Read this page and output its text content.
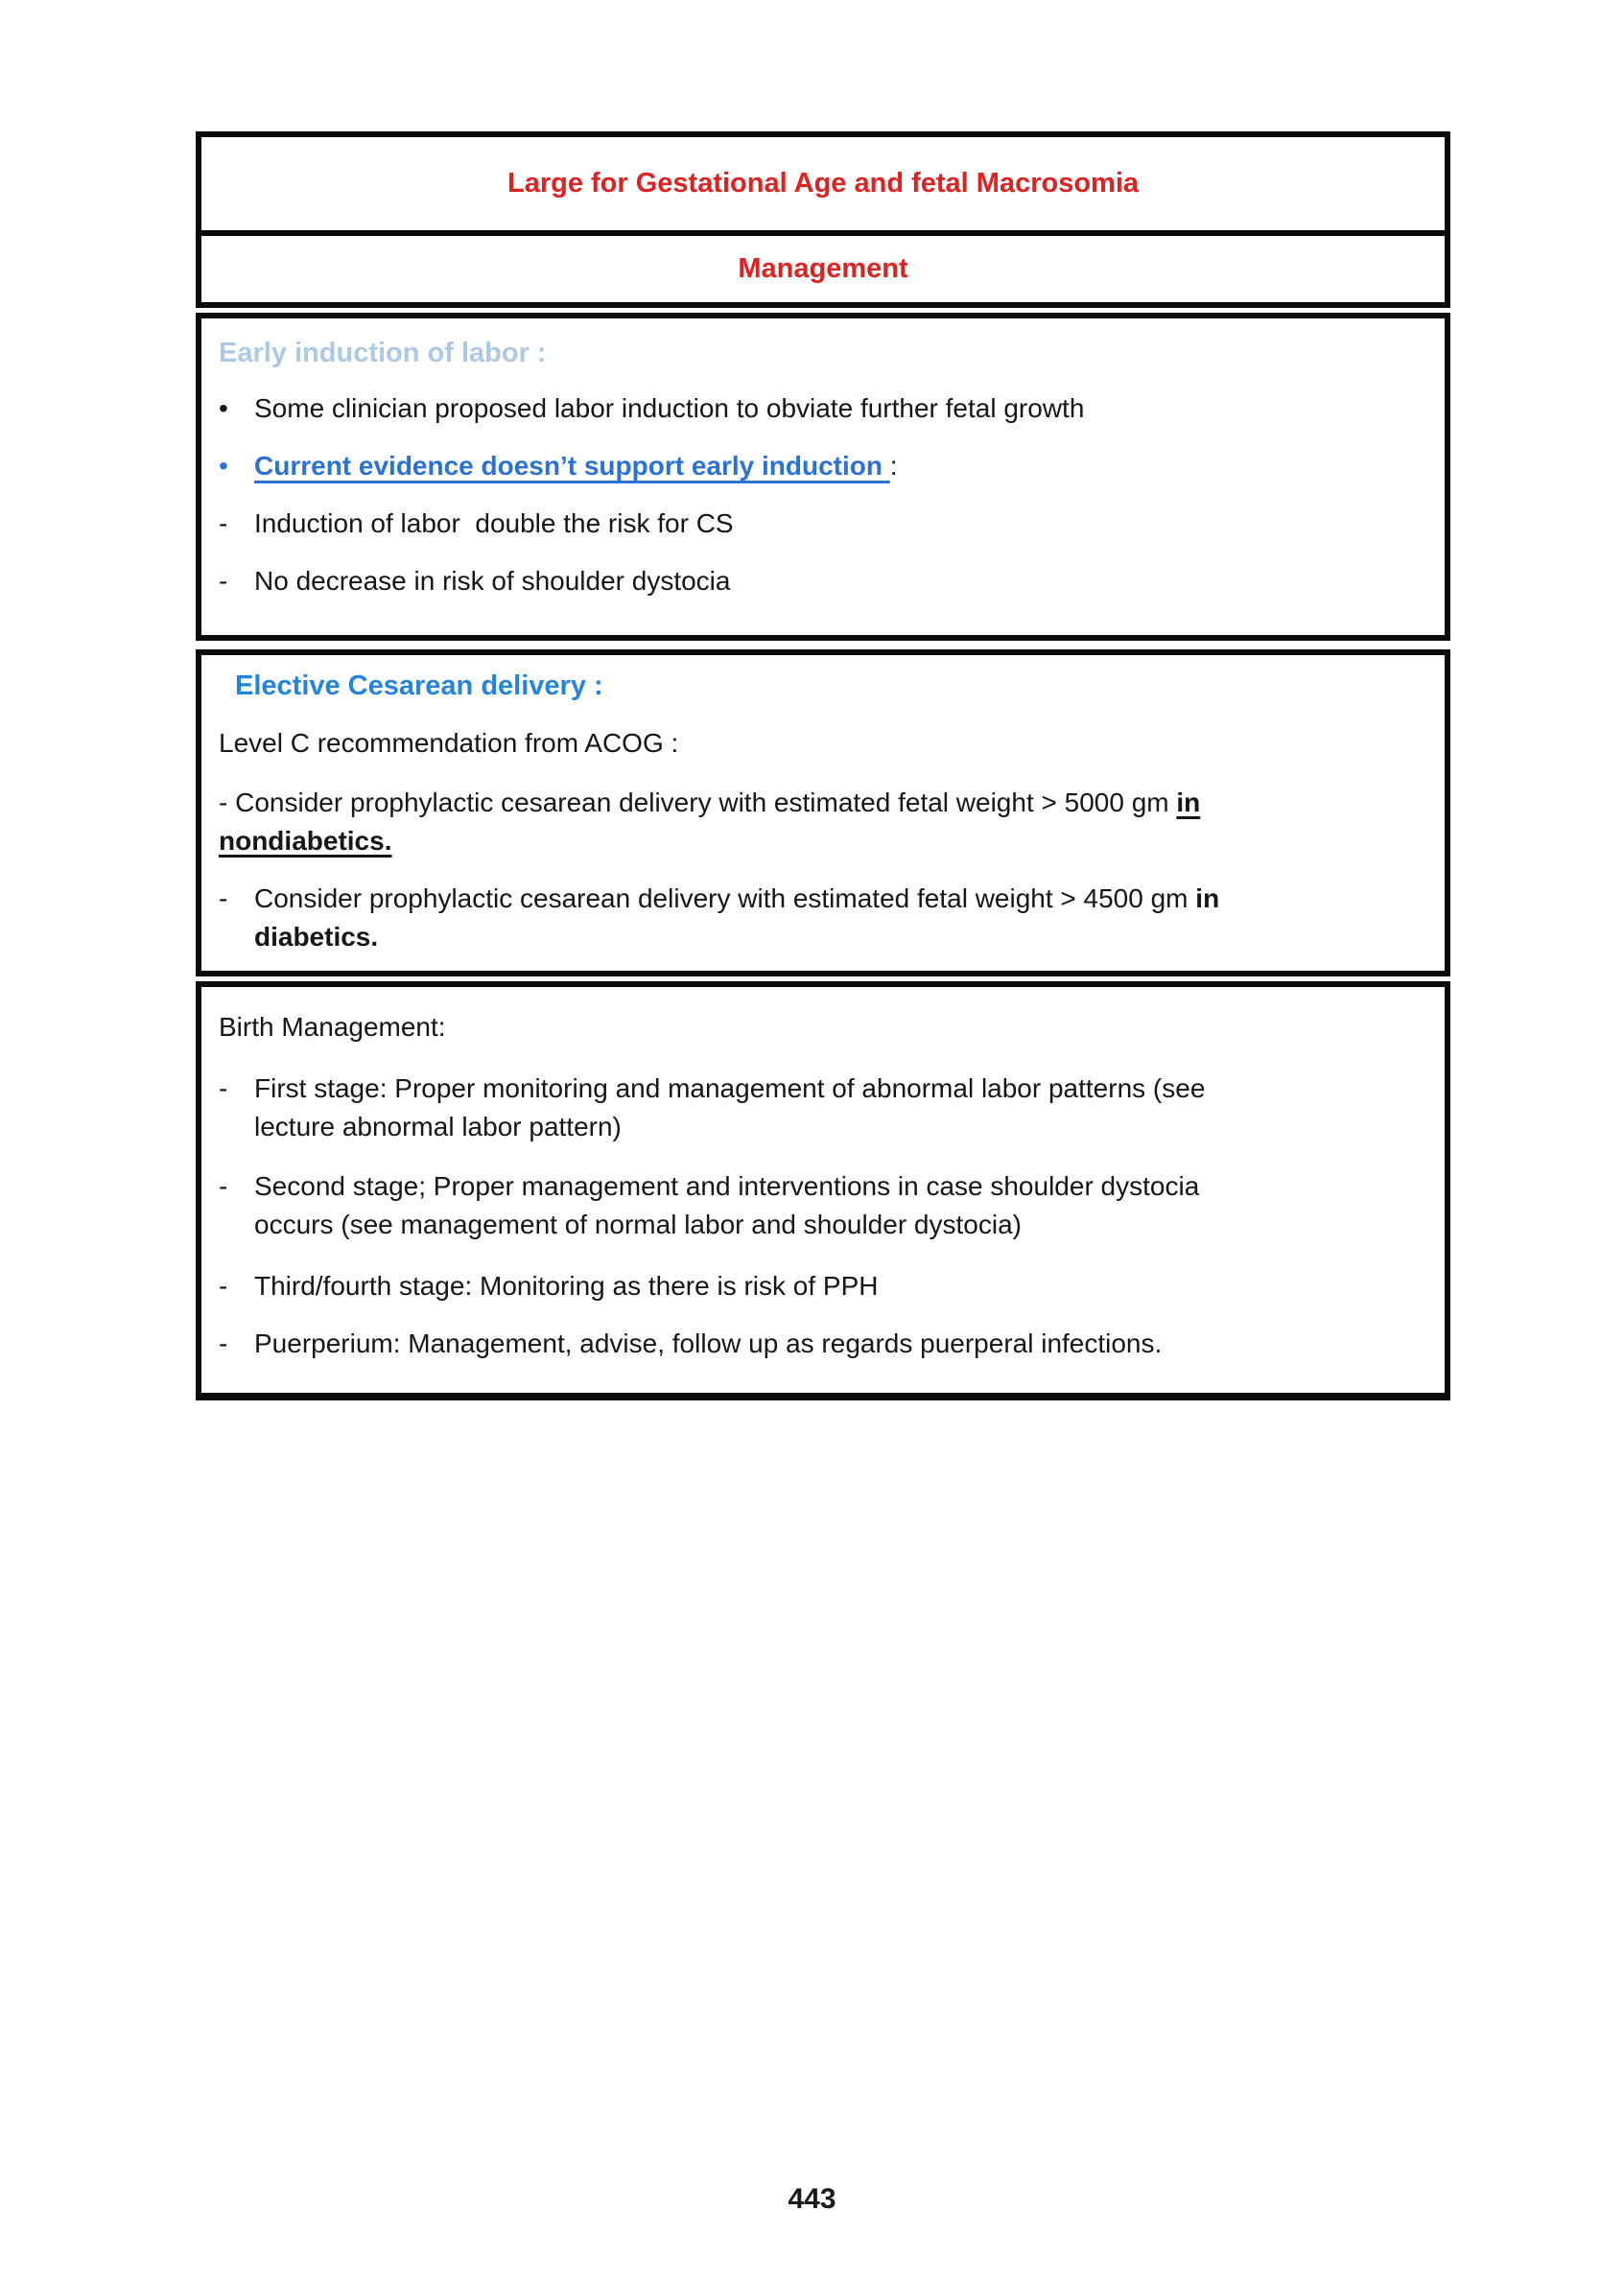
Large for Gestational Age and fetal Macrosomia
Management
Early induction of labor :
• Some clinician proposed labor induction to obviate further fetal growth
• Current evidence doesn’t support early induction :
- Induction of labor  double the risk for CS
- No decrease in risk of shoulder dystocia
Elective Cesarean delivery :

Level C recommendation from ACOG :

- Consider prophylactic cesarean delivery with estimated fetal weight > 5000 gm in
nondiabetics.

- Consider prophylactic cesarean delivery with estimated fetal weight > 4500 gm in
diabetics.

Birth Management:

- First stage: Proper monitoring and management of abnormal labor patterns (see
lecture abnormal labor pattern)
- Second stage; Proper management and interventions in case shoulder dystocia
occurs (see management of normal labor and shoulder dystocia)
- Third/fourth stage: Monitoring as there is risk of PPH
- Puerperium: Management, advise, follow up as regards puerperal infections.
443
